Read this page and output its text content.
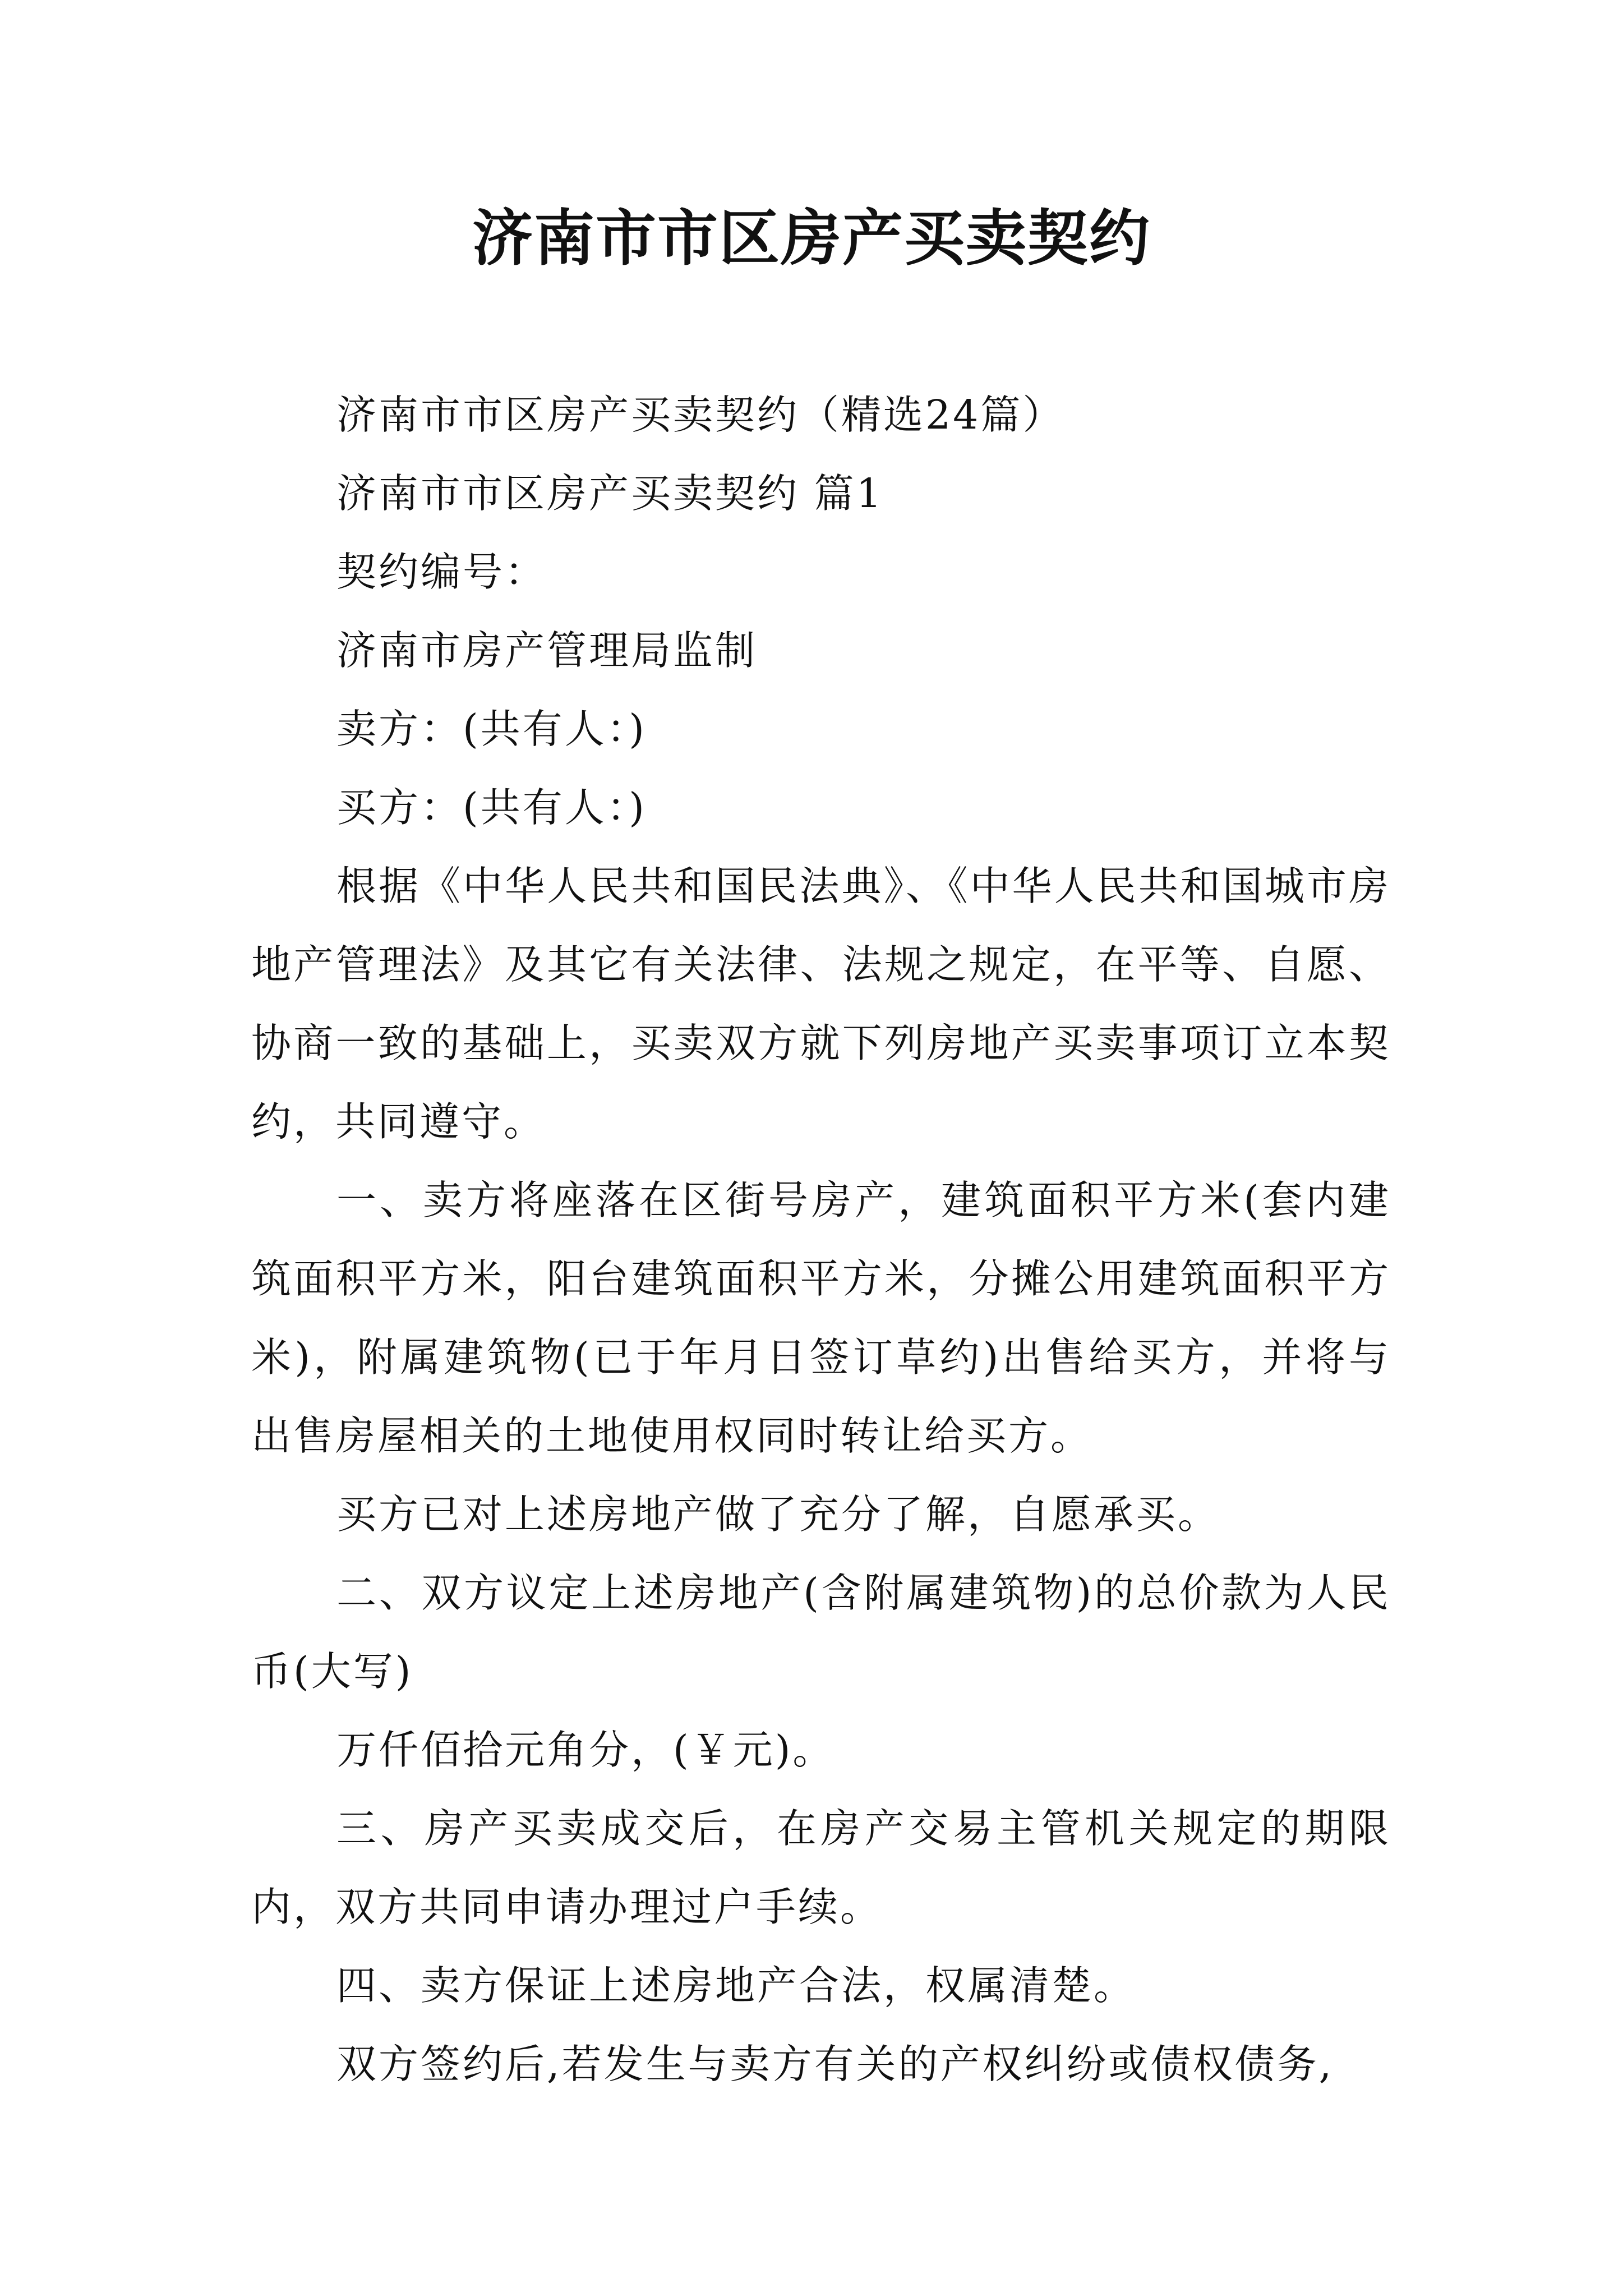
济南市市区房产买卖契约

济南市市区房产买卖契约（精选24篇）

济南市市区房产买卖契约 篇1

契约编号：

济南市房产管理局监制

卖方：(共有人：)

买方：(共有人：)

根据《中华人民共和国民法典》、《中华人民共和国城市房地产管理法》及其它有关法律、法规之规定，在平等、自愿、协商一致的基础上，买卖双方就下列房地产买卖事项订立本契约，共同遵守。

一、卖方将座落在区街号房产，建筑面积平方米(套内建筑面积平方米，阳台建筑面积平方米，分摊公用建筑面积平方米)，附属建筑物(已于年月日签订草约)出售给买方，并将与出售房屋相关的土地使用权同时转让给买方。

买方已对上述房地产做了充分了解，自愿承买。

二、双方议定上述房地产(含附属建筑物)的总价款为人民币(大写)

万仟佰拾元角分，(￥元)。

三、房产买卖成交后，在房产交易主管机关规定的期限内，双方共同申请办理过户手续。

四、卖方保证上述房地产合法，权属清楚。

双方签约后,若发生与卖方有关的产权纠纷或债权债务,
